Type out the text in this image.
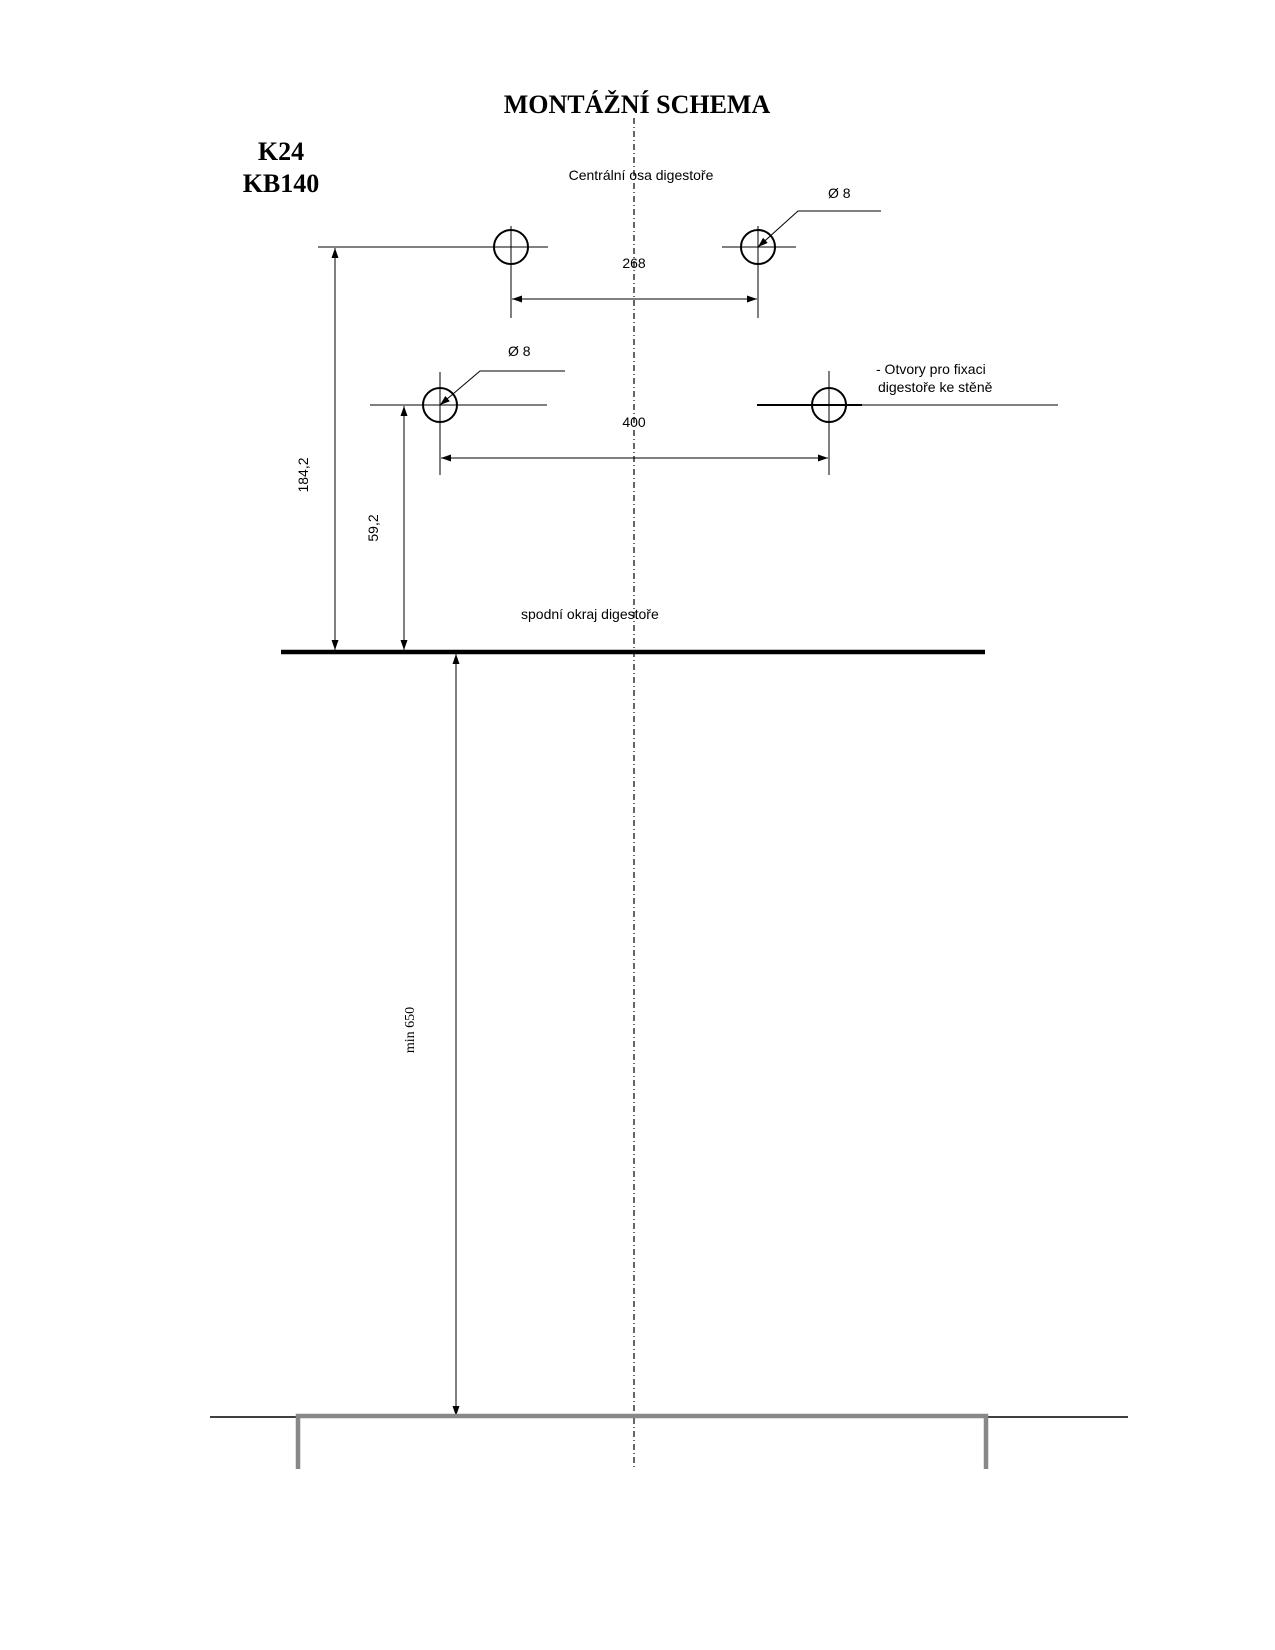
MONTÁŽNÍ SCHEMA
K24
KB140	Centrální osa digestoře
Ø 8
268
Ø 8
400
- Otvory pro fixaci
digestoře ke stěně
184,2
59,2
spodní okraj digestoře
min 650
